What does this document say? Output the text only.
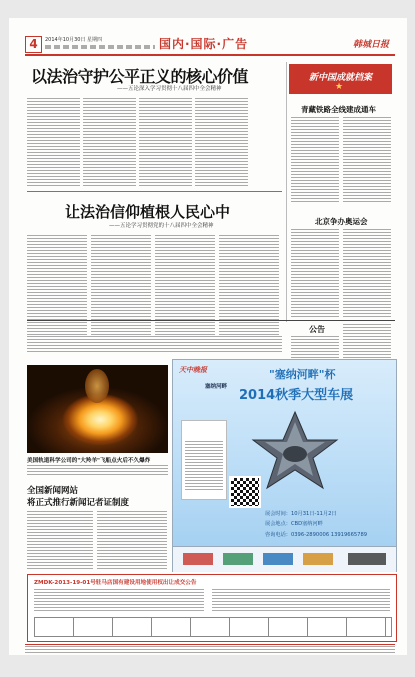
4	2014年10月30日 星期四	国内·国际·广告	韩城日报
以法治守护公平正义的核心价值
——五论深入学习贯彻十八届四中全会精神
让法治信仰植根人民心中
——五论学习贯彻党的十八届四中全会精神
新中国成就档案
★
青藏铁路全线建成通车
北京争办奥运会
公告
美国轨道科学公司的"大羚羊"飞船点火后不久爆炸
全国新闻网站
将正式推行新闻记者证制度
天中晚报
塞纳河畔
"塞纳河畔"杯
2014秋季大型车展
展会时间：10月31日-11月2日
展会地点：CBD塞纳河畔
咨询电话：0396-2890006 13919665789
ZMDK-2013-19-01号驻马店国有建设用地使用权出让成交公告
